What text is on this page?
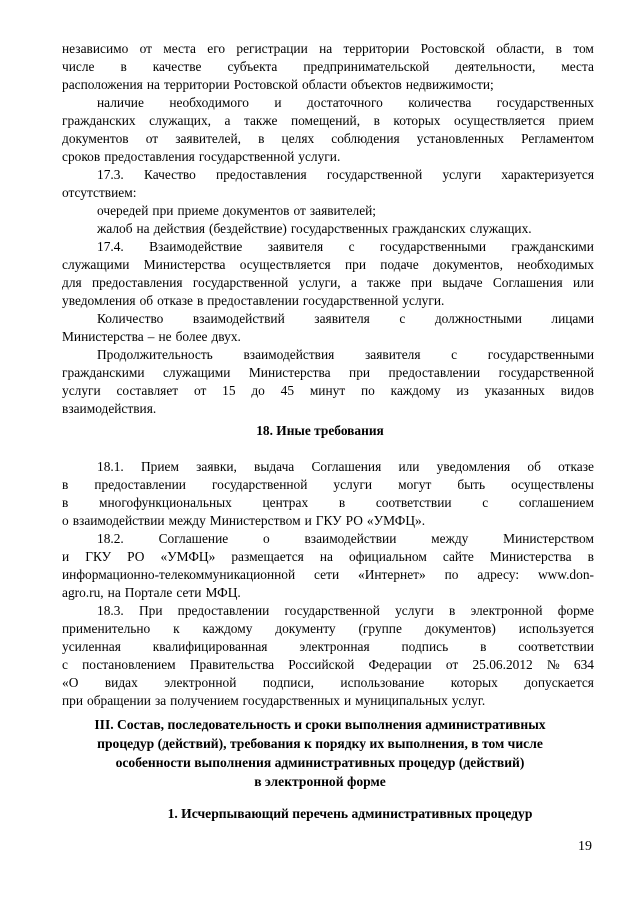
независимо от места его регистрации на территории Ростовской области, в том
числе в качестве субъекта предпринимательской деятельности, места
расположения на территории Ростовской области объектов недвижимости;
наличие необходимого и достаточного количества государственных
гражданских служащих, а также помещений, в которых осуществляется прием
документов от заявителей, в целях соблюдения установленных Регламентом
сроков предоставления государственной услуги.
17.3. Качество предоставления государственной услуги характеризуется
отсутствием:
очередей при приеме документов от заявителей;
жалоб на действия (бездействие) государственных гражданских служащих.
17.4. Взаимодействие заявителя с государственными гражданскими
служащими Министерства осуществляется при подаче документов, необходимых
для предоставления государственной услуги, а также при выдаче Соглашения или
уведомления об отказе в предоставлении государственной услуги.
Количество взаимодействий заявителя с должностными лицами
Министерства – не более двух.
Продолжительность взаимодействия заявителя с государственными
гражданскими служащими Министерства при предоставлении государственной
услуги составляет от 15 до 45 минут по каждому из указанных видов
взаимодействия.
18. Иные требования
18.1. Прием заявки, выдача Соглашения или уведомления об отказе
в предоставлении государственной услуги могут быть осуществлены
в многофункциональных центрах в соответствии с соглашением
о взаимодействии между Министерством и ГКУ РО «УМФЦ».
18.2.	Соглашение	о	взаимодействии	между	Министерством
и ГКУ РО «УМФЦ» размещается на официальном сайте Министерства в
информационно-телекоммуникационной сети «Интернет» по адресу: www.don-
agro.ru, на Портале сети МФЦ.
18.3. При предоставлении государственной услуги в электронной форме
применительно к каждому документу (группе документов) используется
усиленная квалифицированная электронная подпись в соответствии
с постановлением Правительства Российской Федерации от 25.06.2012 № 634
«О видах электронной подписи, использование которых допускается
при обращении за получением государственных и муниципальных услуг.
III. Состав, последовательность и сроки выполнения административных
процедур (действий), требования к порядку их выполнения, в том числе
особенности выполнения административных процедур (действий)
в электронной форме
1. Исчерпывающий перечень административных процедур
19
